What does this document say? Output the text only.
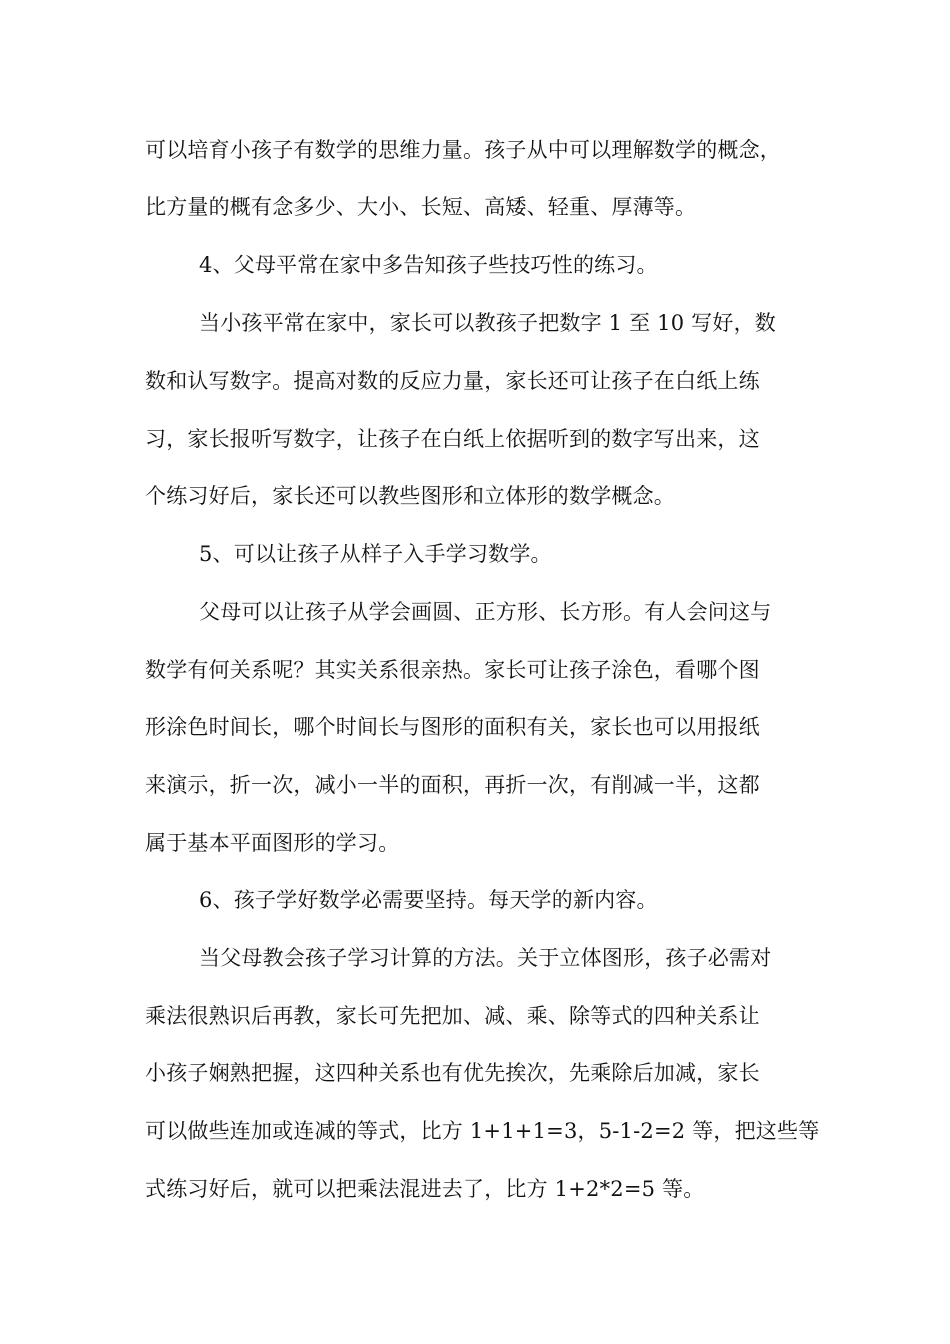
可以培育小孩子有数学的思维力量。孩子从中可以理解数学的概念，
比方量的概有念多少、大小、长短、高矮、轻重、厚薄等。
4、父母平常在家中多告知孩子些技巧性的练习。
当小孩平常在家中，家长可以教孩子把数字 1 至 10 写好，数
数和认写数字。提高对数的反应力量，家长还可让孩子在白纸上练
习，家长报听写数字，让孩子在白纸上依据听到的数字写出来，这
个练习好后，家长还可以教些图形和立体形的数学概念。
5、可以让孩子从样子入手学习数学。
父母可以让孩子从学会画圆、正方形、长方形。有人会问这与
数学有何关系呢？其实关系很亲热。家长可让孩子涂色，看哪个图
形涂色时间长，哪个时间长与图形的面积有关，家长也可以用报纸
来演示，折一次，减小一半的面积，再折一次，有削减一半，这都
属于基本平面图形的学习。
6、孩子学好数学必需要坚持。每天学的新内容。
当父母教会孩子学习计算的方法。关于立体图形，孩子必需对
乘法很熟识后再教，家长可先把加、减、乘、除等式的四种关系让
小孩子娴熟把握，这四种关系也有优先挨次，先乘除后加减，家长
可以做些连加或连减的等式，比方 1+1+1=3，5-1-2=2 等，把这些等
式练习好后，就可以把乘法混进去了，比方 1+2*2=5 等。
